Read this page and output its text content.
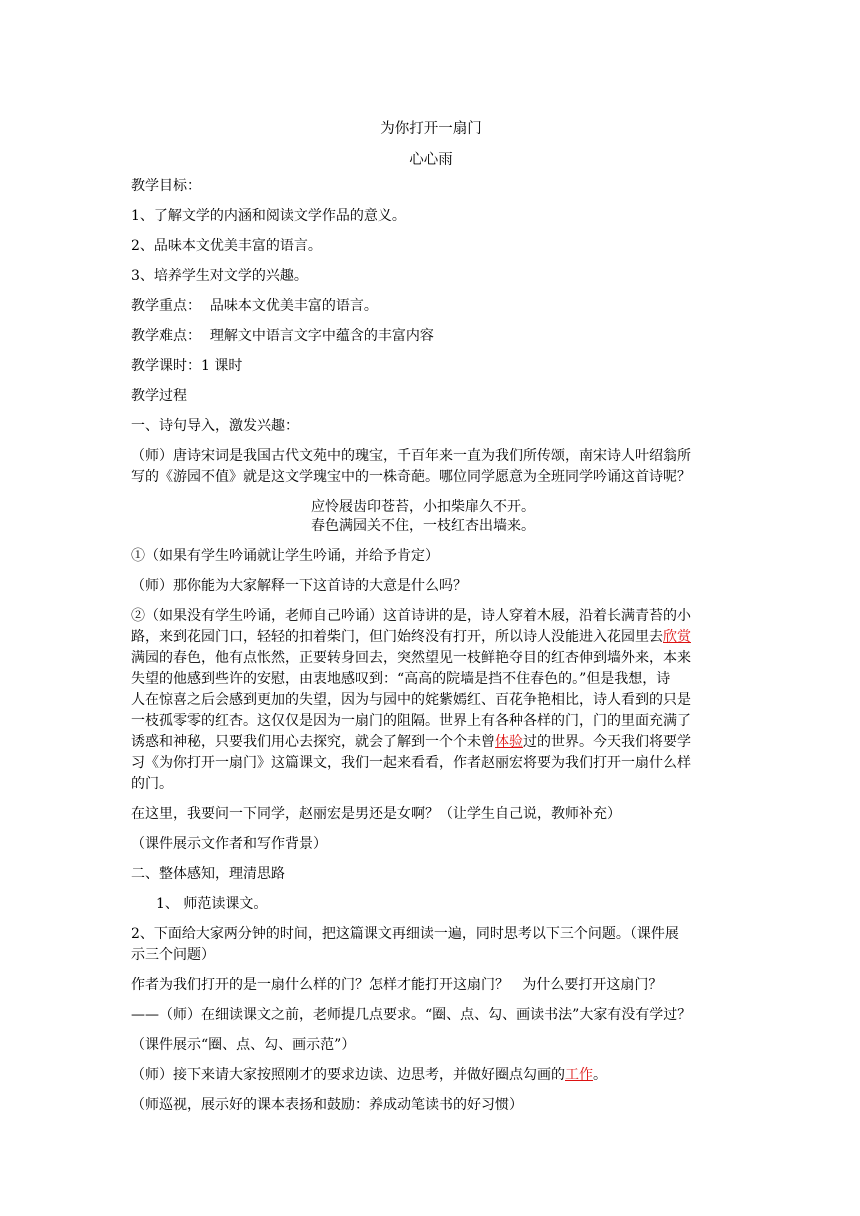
为你打开一扇门

心心雨

教学目标：

1、了解文学的内涵和阅读文学作品的意义。

2、品味本文优美丰富的语言。

3、培养学生对文学的兴趣。

教学重点：  品味本文优美丰富的语言。

教学难点：  理解文中语言文字中蕴含的丰富内容

教学课时：1 课时

教学过程

一、诗句导入，激发兴趣：

（师）唐诗宋词是我国古代文苑中的瑰宝，千百年来一直为我们所传颂，南宋诗人叶绍翁所

写的《游园不值》就是这文学瑰宝中的一株奇葩。哪位同学愿意为全班同学吟诵这首诗呢？

应怜屐齿印苍苔，小扣柴扉久不开。

春色满园关不住，一枝红杏出墙来。

①（如果有学生吟诵就让学生吟诵，并给予肯定）

（师）那你能为大家解释一下这首诗的大意是什么吗？

②（如果没有学生吟诵，老师自己吟诵）这首诗讲的是，诗人穿着木屐，沿着长满青苔的小

路，来到花园门口，轻轻的扣着柴门，但门始终没有打开，所以诗人没能进入花园里去欣赏

满园的春色，他有点怅然，正要转身回去，突然望见一枝鲜艳夺目的红杏伸到墙外来，本来

失望的他感到些许的安慰，由衷地感叹到：“高高的院墙是挡不住春色的。”但是我想，诗

人在惊喜之后会感到更加的失望，因为与园中的姹紫嫣红、百花争艳相比，诗人看到的只是

一枝孤零零的红杏。这仅仅是因为一扇门的阻隔。世界上有各种各样的门，门的里面充满了

诱惑和神秘，只要我们用心去探究，就会了解到一个个未曾体验过的世界。今天我们将要学

习《为你打开一扇门》这篇课文，我们一起来看看，作者赵丽宏将要为我们打开一扇什么样

的门。

在这里，我要问一下同学，赵丽宏是男还是女啊？（让学生自己说，教师补充）

（课件展示文作者和写作背景）

二、整体感知，理清思路

1、 师范读课文。

2、下面给大家两分钟的时间，把这篇课文再细读一遍，同时思考以下三个问题。（课件展

示三个问题）

作者为我们打开的是一扇什么样的门？怎样才能打开这扇门？   为什么要打开这扇门？

——（师）在细读课文之前，老师提几点要求。“圈、点、勾、画读书法”大家有没有学过？

（课件展示“圈、点、勾、画示范”）

（师）接下来请大家按照刚才的要求边读、边思考，并做好圈点勾画的工作。

（师巡视，展示好的课本表扬和鼓励：养成动笔读书的好习惯）
